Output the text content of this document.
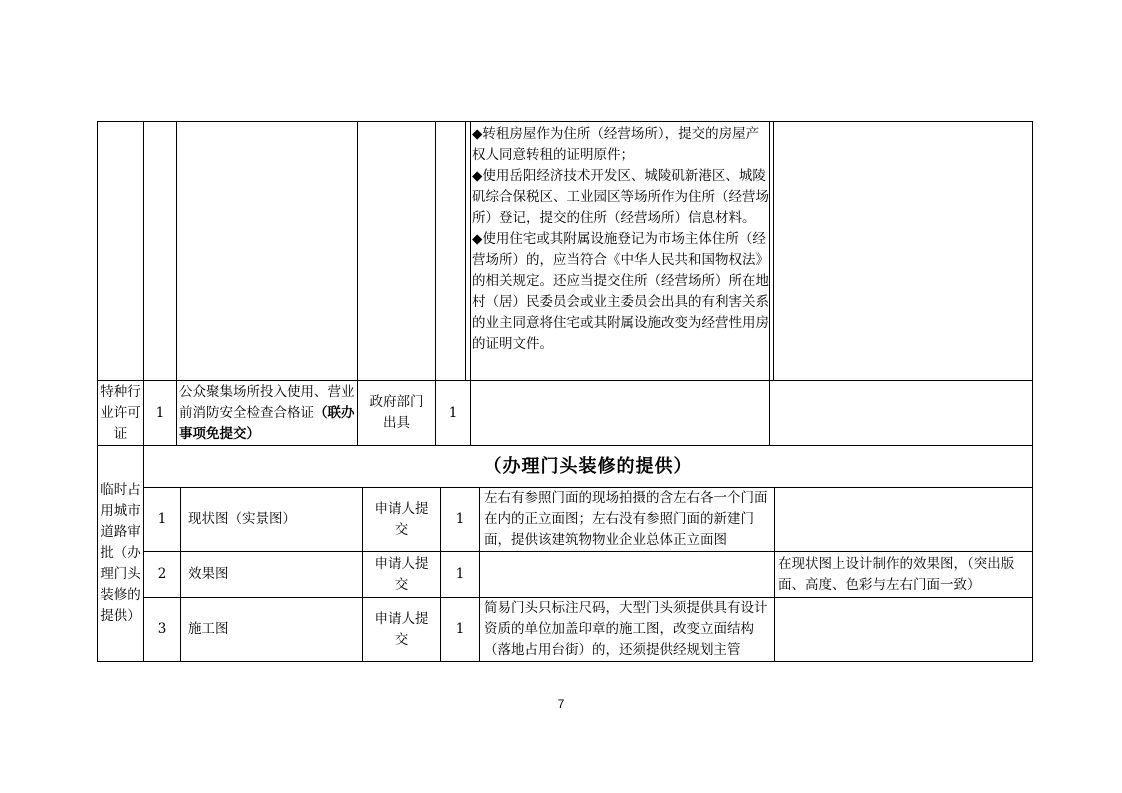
◆转租房屋作为住所（经营场所），提交的房屋产权人同意转租的证明原件；
◆使用岳阳经济技术开发区、城陵矶新港区、城陵矶综合保税区、工业园区等场所作为住所（经营场所）登记，提交的住所（经营场所）信息材料。
◆使用住宅或其附属设施登记为市场主体住所（经营场所）的，应当符合《中华人民共和国物权法》的相关规定。还应当提交住所（经营场所）所在地村（居）民委员会或业主委员会出具的有利害关系的业主同意将住宅或其附属设施改变为经营性用房的证明文件。
特种行业许可证
1
公众聚集场所投入使用、营业前消防安全检查合格证（联办事项免提交）
政府部门出具
1
临时占用城市道路审批（办理门头装修的提供）
（办理门头装修的提供）
1 现状图（实景图）
申请人提交
1
左右有参照门面的现场拍摄的含左右各一个门面在内的正立面图；左右没有参照门面的新建门面，提供该建筑物物业企业总体正立面图
2 效果图
申请人提交
1
在现状图上设计制作的效果图，（突出版面、高度、色彩与左右门面一致）
3 施工图
申请人提交
1
简易门头只标注尺码，大型门头须提供具有设计资质的单位加盖印章的施工图，改变立面结构（落地占用台街）的，还须提供经规划主管
7
